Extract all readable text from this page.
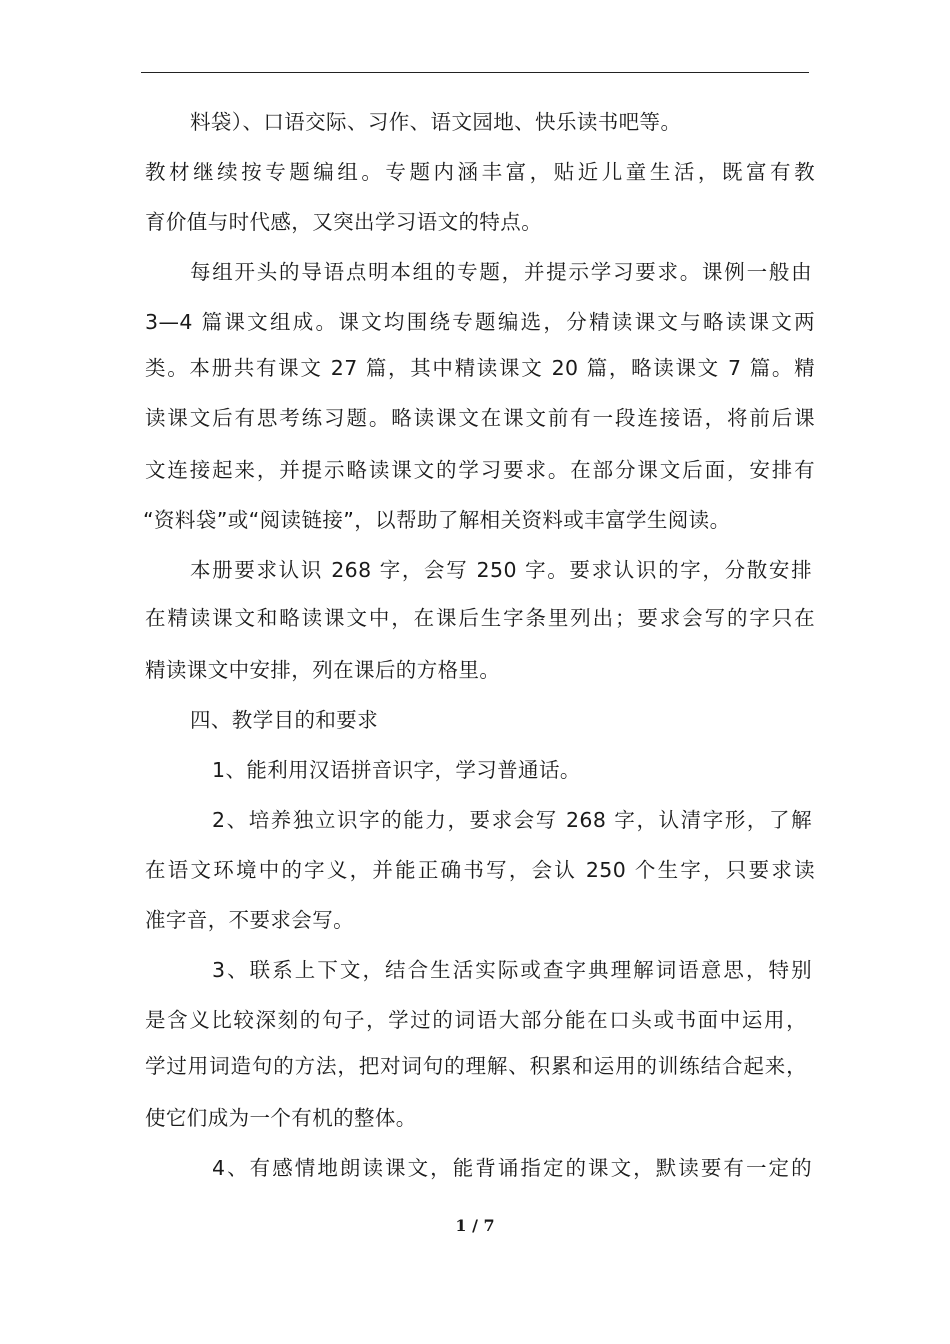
料袋）、口语交际、习作、语文园地、快乐读书吧等。
教材继续按专题编组。专题内涵丰富，贴近儿童生活，既富有教
育价值与时代感，又突出学习语文的特点。
每组开头的导语点明本组的专题，并提示学习要求。课例一般由
3—4 篇课文组成。课文均围绕专题编选，分精读课文与略读课文两
类。本册共有课文 27 篇，其中精读课文 20 篇，略读课文 7 篇。精
读课文后有思考练习题。略读课文在课文前有一段连接语，将前后课
文连接起来，并提示略读课文的学习要求。在部分课文后面，安排有
“资料袋”或“阅读链接”，以帮助了解相关资料或丰富学生阅读。
本册要求认识 268 字，会写 250 字。要求认识的字，分散安排
在精读课文和略读课文中，在课后生字条里列出；要求会写的字只在
精读课文中安排，列在课后的方格里。
四、教学目的和要求
1、能利用汉语拼音识字，学习普通话。
2、培养独立识字的能力，要求会写 268 字，认清字形，了解
在语文环境中的字义，并能正确书写，会认 250 个生字，只要求读
准字音，不要求会写。
3、联系上下文，结合生活实际或查字典理解词语意思，特别
是含义比较深刻的句子，学过的词语大部分能在口头或书面中运用，
学过用词造句的方法，把对词句的理解、积累和运用的训练结合起来，
使它们成为一个有机的整体。
4、有感情地朗读课文，能背诵指定的课文，默读要有一定的
1 / 7
